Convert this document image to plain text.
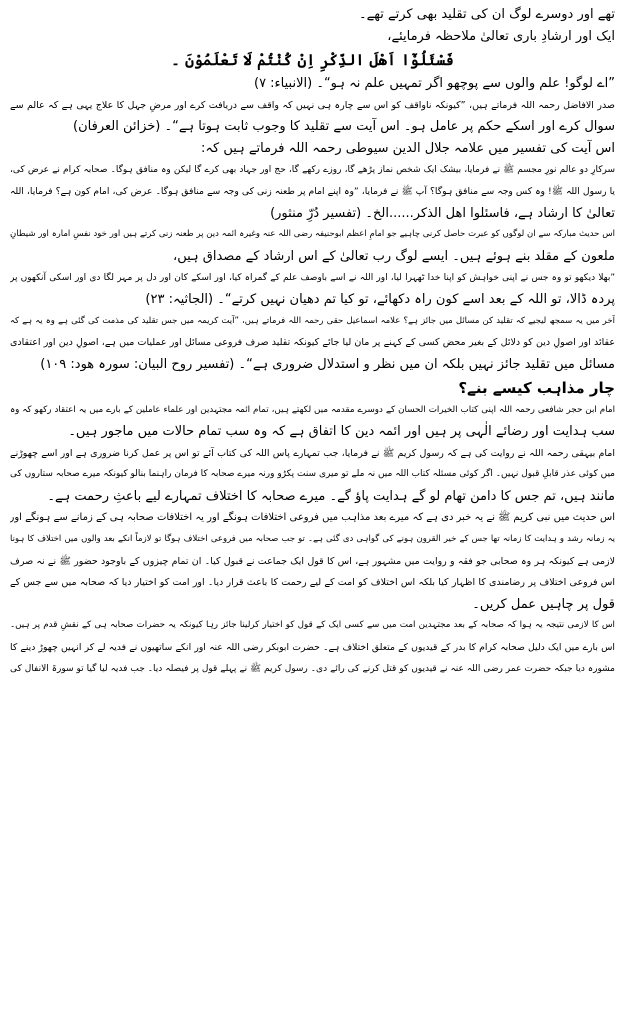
تھے اور دوسرے لوگ ان کی تقلید بھی کرتے تھے۔
ایک اور ارشادِ باری تعالیٰ ملاحظہ فرمایئے،
فَسْئَلُوْٓا اَهْلَ الذِّكْرِ اِنْ كُنْتُمْ لَا تَعْلَمُوْنَ ۔
”اے لوگو! علم والوں سے پوچھو اگر تمہیں علم نہ ہو“۔ (الانبیاء: ۷)
صدر الافاضل رحمہ اللہ فرماتے ہیں، ”کیونکہ ناواقف کو اس سے چارہ ہی نہیں کہ واقف سے دریافت کرے اور مرضِ جہل کا علاج یہی ہے کہ عالم سے
سوال کرے اور اسکے حکم پر عامل ہو۔ اس آیت سے تقلید کا وجوب ثابت ہوتا ہے“۔ (خزائن العرفان)
اس آیت کی تفسیر میں علامہ جلال الدین سیوطی رحمہ اللہ فرماتے ہیں کہ:
سرکارِ دو عالم نورِ مجسم ﷺ نے فرمایا، بیشک ایک شخص نماز پڑھے گا، روزے رکھے گا، حج اور جہاد بھی کرے گا لیکن وہ منافق ہوگا۔ صحابہ کرام نے عرض کی،
یا رسول اللہ ﷺ! وہ کس وجہ سے منافق ہوگا؟ آپ ﷺ نے فرمایا، ”وہ اپنے امام پر طعنہ زنی کی وجہ سے منافق ہوگا۔ عرض کی، امام کون ہے؟ فرمایا، اللہ
تعالیٰ کا ارشاد ہے، فاسئلوا اھل الذکر......الخ۔ (تفسیر دُرِّ منثور)
اس حدیث مبارکہ سے ان لوگوں کو عبرت حاصل کرنی چاہیے جو امامِ اعظم ابوحنیفہ رضی اللہ عنہ وغیرہ ائمہ دین پر طعنہ زنی کرتے ہیں اور خود نفسِ امارہ اور شیطانِ
ملعون کے مقلد بنے ہوئے ہیں۔ ایسے لوگ رب تعالیٰ کے اس ارشاد کے مصداق ہیں،
”بھلا دیکھو تو وہ جس نے اپنی خواہش کو اپنا خدا ٹھہرا لیا، اور اللہ نے اسے باوصف علم کے گمراہ کیا، اور اسکے کان اور دل پر مہر لگا دی اور اسکی آنکھوں پر
پردہ ڈالا، تو اللہ کے بعد اسے کون راہ دکھائے، تو کیا تم دھیان نہیں کرتے“۔ (الجاثیہ: ۲۳)
آخر میں یہ سمجھ لیجیے کہ تقلید کن مسائل میں جائز ہے؟ علامہ اسماعیل حقی رحمہ اللہ فرماتے ہیں، ”آیت کریمہ میں جس تقلید کی مذمت کی گئی ہے وہ یہ ہے کہ
عقائد اور اصولِ دین کو دلائل کے بغیر محض کسی کے کہنے پر مان لیا جائے کیونکہ تقلید صرف فروعی مسائل اور عملیات میں ہے، اصولِ دین اور اعتقادی
مسائل میں تقلید جائز نہیں بلکہ ان میں نظر و استدلال ضروری ہے“۔ (تفسیر روح البیان: سورہ ھود: ۱۰۹)
چار مذاہب کیسے بنے؟
امام ابن حجر شافعی رحمہ اللہ اپنی کتاب الخیرات الحسان کے دوسرے مقدمہ میں لکھتے ہیں، تمام ائمہ مجتہدین اور علماء عاملین کے بارے میں یہ اعتقاد رکھو کہ وہ
سب ہدایت اور رضائے الٰہی پر ہیں اور ائمہ دین کا اتفاق ہے کہ وہ سب تمام حالات میں ماجور ہیں۔
امام بیہقی رحمہ اللہ نے روایت کی ہے کہ رسول کریم ﷺ نے فرمایا، جب تمہارے پاس اللہ کی کتاب آئے تو اس پر عمل کرنا ضروری ہے اور اسے چھوڑنے
میں کوئی عذر قابلِ قبول نہیں۔ اگر کوئی مسئلہ کتاب اللہ میں نہ ملے تو میری سنت پکڑو ورنہ میرے صحابہ کا فرمان راہنما بنالو کیونکہ میرے صحابہ ستاروں کی
مانند ہیں، تم جس کا دامن تھام لو گے ہدایت پاؤ گے۔ میرے صحابہ کا اختلاف تمہارے لیے باعثِ رحمت ہے۔
اس حدیث میں نبی کریم ﷺ نے یہ خبر دی ہے کہ میرے بعد مذاہب میں فروعی اختلافات ہونگے اور یہ اختلافات صحابہ ہی کے زمانے سے ہونگے اور
یہ زمانہ رشد و ہدایت کا زمانہ تھا جس کے خیر القرون ہونے کی گواہی دی گئی ہے۔ تو جب صحابہ میں فروعی اختلاف ہوگا تو لازماً انکے بعد والوں میں اختلاف کا ہونا
لازمی ہے کیونکہ ہر وہ صحابی جو فقہ و روایت میں مشہور ہے، اس کا قول ایک جماعت نے قبول کیا۔ ان تمام چیزوں کے باوجود حضور ﷺ نے نہ صرف
اس فروعی اختلاف پر رضامندی کا اظہار کیا بلکہ اس اختلاف کو امت کے لیے رحمت کا باعث قرار دیا۔ اور امت کو اختیار دیا کہ صحابہ میں سے جس کے
قول پر چاہیں عمل کریں۔
اس کا لازمی نتیجہ یہ ہوا کہ صحابہ کے بعد مجتہدین امت میں سے کسی ایک کے قول کو اختیار کرلینا جائز رہا کیونکہ یہ حضرات صحابہ ہی کے نقشِ قدم پر ہیں۔
اس بارے میں ایک دلیل صحابہ کرام کا بدر کے قیدیوں کے متعلق اختلاف ہے۔ حضرت ابوبکر رضی اللہ عنہ اور انکے ساتھیوں نے فدیہ لے کر انہیں چھوڑ دینے کا
مشورہ دیا جبکہ حضرت عمر رضی اللہ عنہ نے قیدیوں کو قتل کرنے کی رائے دی۔ رسول کریم ﷺ نے پہلے قول پر فیصلہ دیا۔ جب فدیہ لیا گیا تو سورۃ الانفال کی
